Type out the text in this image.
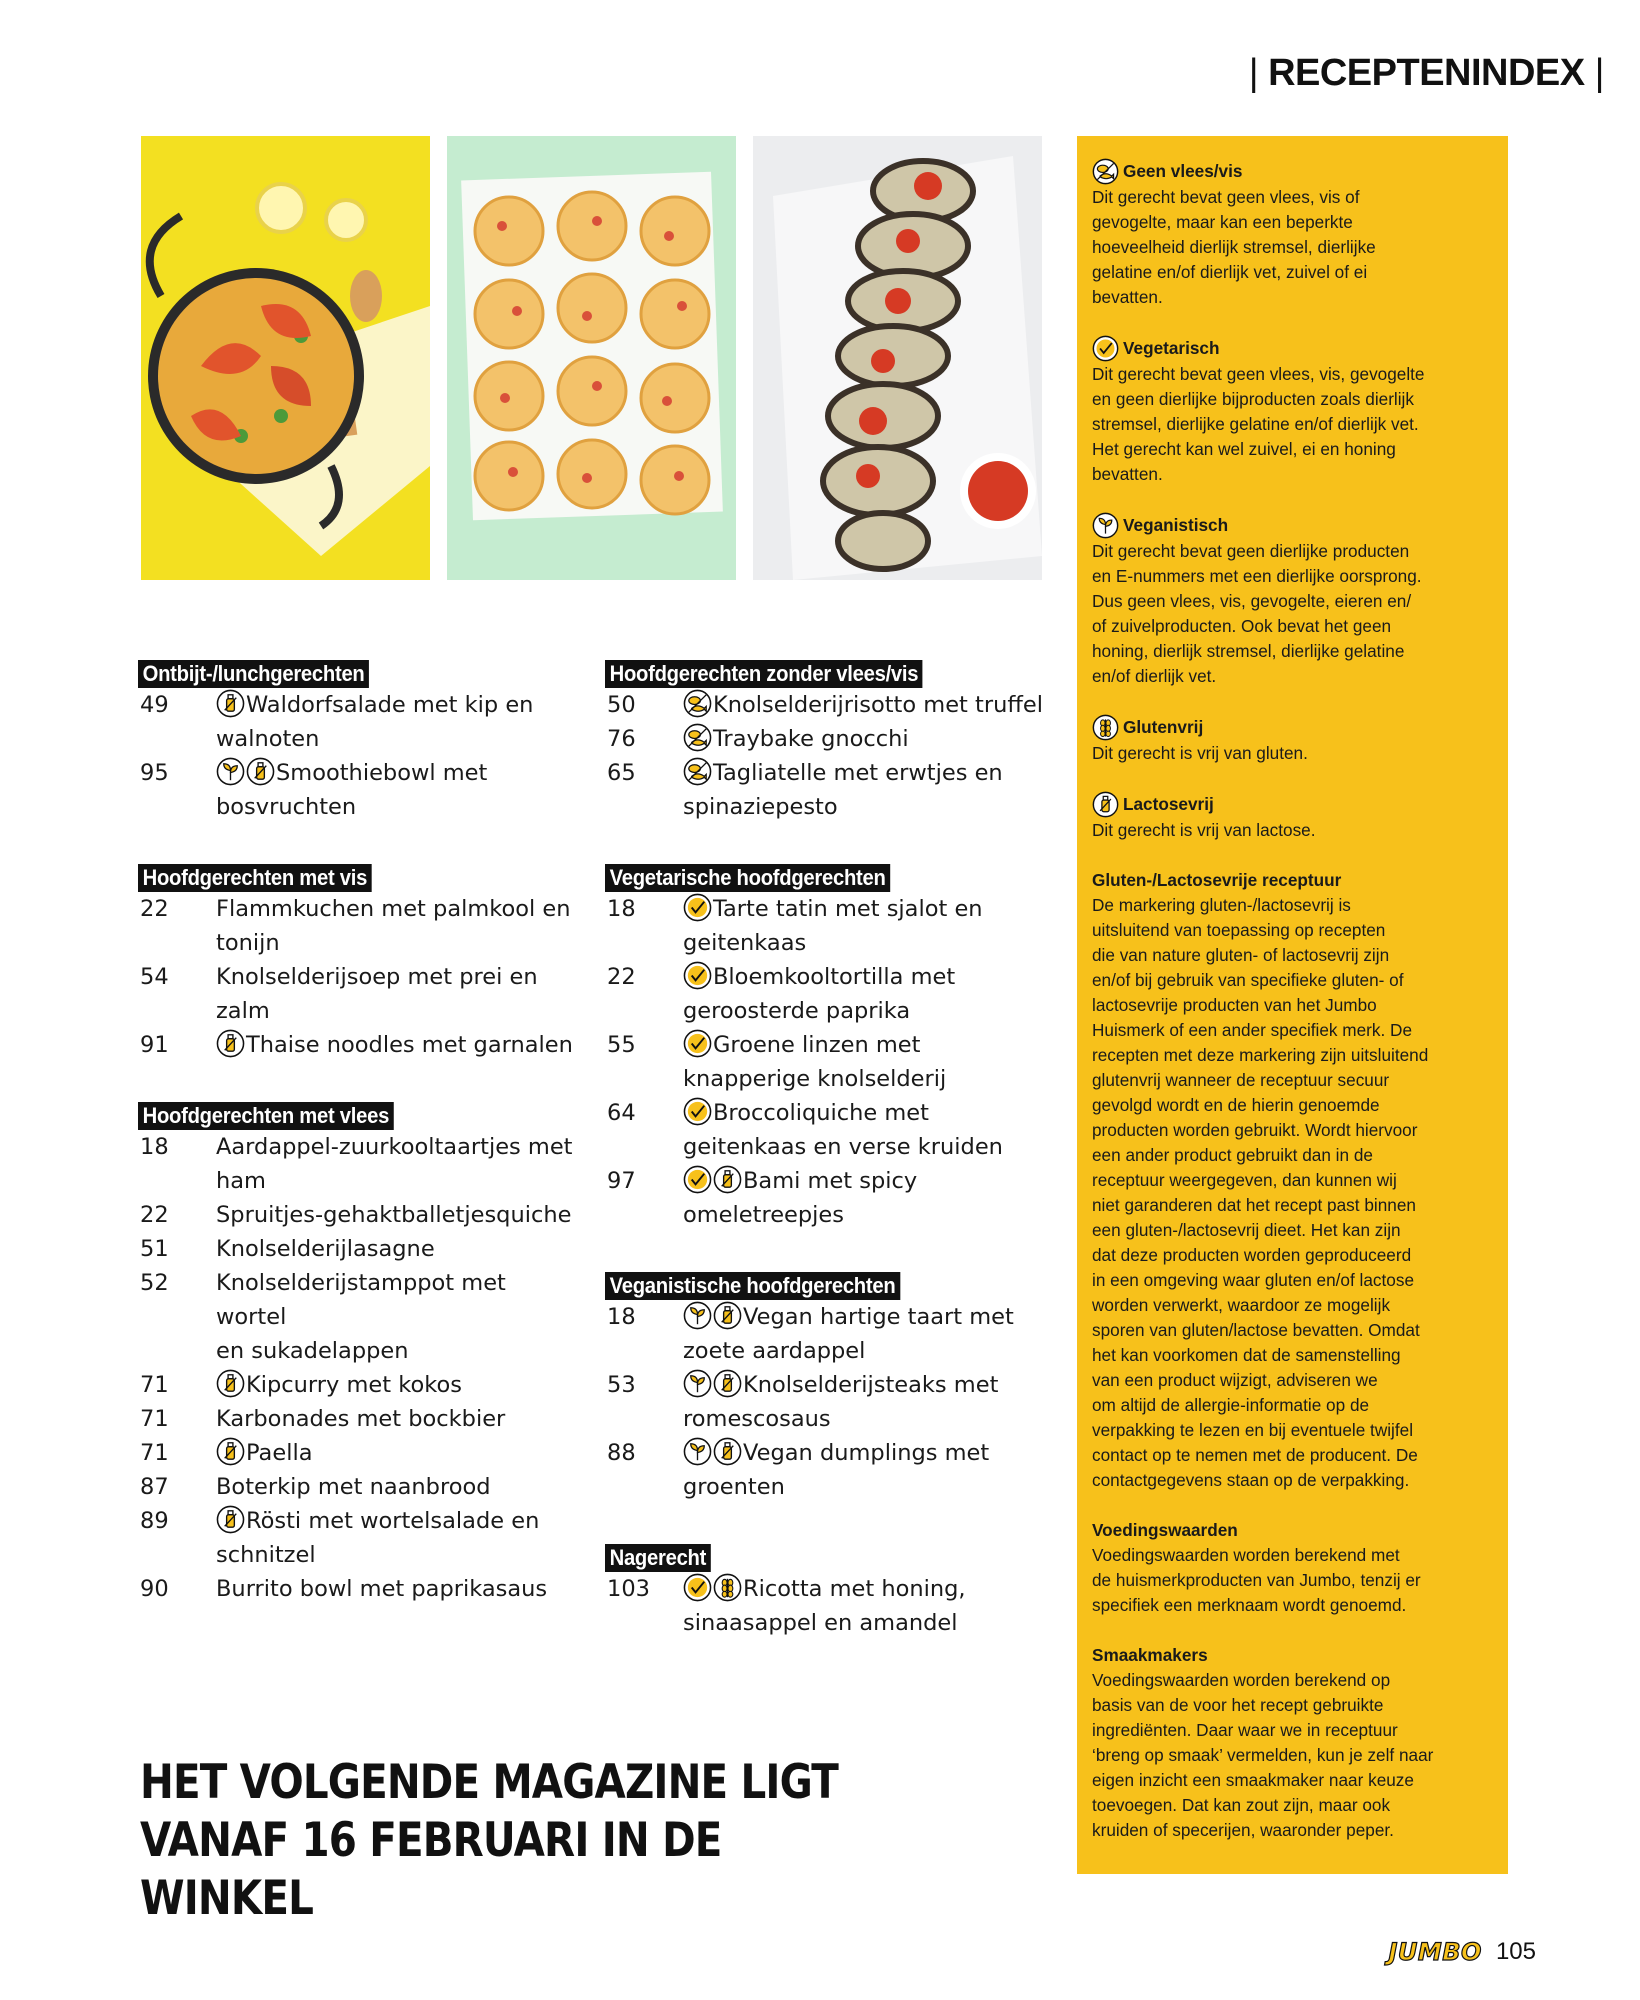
| RECEPTENINDEX |
Ontbijt-/lunchgerechten
49	Waldorfsalade met kip en
walnoten
95	Smoothiebowl met
bosvruchten
Hoofdgerechten met vis
22	Flammkuchen met palmkool en
tonijn
54	Knolselderijsoep met prei en
zalm
91	Thaise noodles met garnalen
Hoofdgerechten met vlees
18	Aardappel-zuurkooltaartjes met
ham
22	Spruitjes-gehaktballetjesquiche
51	Knolselderijlasagne
52	Knolselderijstamppot met wortel
en sukadelappen
71	Kipcurry met kokos
71	Karbonades met bockbier
71	Paella
87	Boterkip met naanbrood
89	Rösti met wortelsalade en
schnitzel
90	Burrito bowl met paprikasaus
Hoofdgerechten zonder vlees/vis
50	Knolselderijrisotto met truffel
76	Traybake gnocchi
65	Tagliatelle met erwtjes en
spinaziepesto
Vegetarische hoofdgerechten
18	Tarte tatin met sjalot en
geitenkaas
22	Bloemkooltortilla met
geroosterde paprika
55	Groene linzen met
knapperige knolselderij
64	Broccoliquiche met
geitenkaas en verse kruiden
97	Bami met spicy
omeletreepjes
Veganistische hoofdgerechten
18	Vegan hartige taart met
zoete aardappel
53	Knolselderijsteaks met
romescosaus
88	Vegan dumplings met
groenten
Nagerecht
103	Ricotta met honing,
sinaasappel en amandel
Geen vlees/vis
Dit gerecht bevat geen vlees, vis of
gevogelte, maar kan een beperkte
hoeveelheid dierlijk stremsel, dierlijke
gelatine en/of dierlijk vet, zuivel of ei
bevatten.
Vegetarisch
Dit gerecht bevat geen vlees, vis, gevogelte
en geen dierlijke bijproducten zoals dierlijk
stremsel, dierlijke gelatine en/of dierlijk vet.
Het gerecht kan wel zuivel, ei en honing
bevatten.
Veganistisch
Dit gerecht bevat geen dierlijke producten
en E-nummers met een dierlijke oorsprong.
Dus geen vlees, vis, gevogelte, eieren en/
of zuivelproducten. Ook bevat het geen
honing, dierlijk stremsel, dierlijke gelatine
en/of dierlijk vet.
Glutenvrij
Dit gerecht is vrij van gluten.
Lactosevrij
Dit gerecht is vrij van lactose.
Gluten-/Lactosevrije receptuur
De markering gluten-/lactosevrij is
uitsluitend van toepassing op recepten
die van nature gluten- of lactosevrij zijn
en/of bij gebruik van specifieke gluten- of
lactosevrije producten van het Jumbo
Huismerk of een ander specifiek merk. De
recepten met deze markering zijn uitsluitend
glutenvrij wanneer de receptuur secuur
gevolgd wordt en de hierin genoemde
producten worden gebruikt. Wordt hiervoor
een ander product gebruikt dan in de
receptuur weergegeven, dan kunnen wij
niet garanderen dat het recept past binnen
een gluten-/lactosevrij dieet. Het kan zijn
dat deze producten worden geproduceerd
in een omgeving waar gluten en/of lactose
worden verwerkt, waardoor ze mogelijk
sporen van gluten/lactose bevatten. Omdat
het kan voorkomen dat de samenstelling
van een product wijzigt, adviseren we
om altijd de allergie-informatie op de
verpakking te lezen en bij eventuele twijfel
contact op te nemen met de producent. De
contactgegevens staan op de verpakking.
Voedingswaarden
Voedingswaarden worden berekend met
de huismerkproducten van Jumbo, tenzij er
specifiek een merknaam wordt genoemd.
Smaakmakers
Voedingswaarden worden berekend op
basis van de voor het recept gebruikte
ingrediënten. Daar waar we in receptuur
‘breng op smaak’ vermelden, kun je zelf naar
eigen inzicht een smaakmaker naar keuze
toevoegen. Dat kan zout zijn, maar ook
kruiden of specerijen, waaronder peper.
HET VOLGENDE MAGAZINE LIGT
VANAF 16 FEBRUARI IN DE WINKEL
JUMBO 105
